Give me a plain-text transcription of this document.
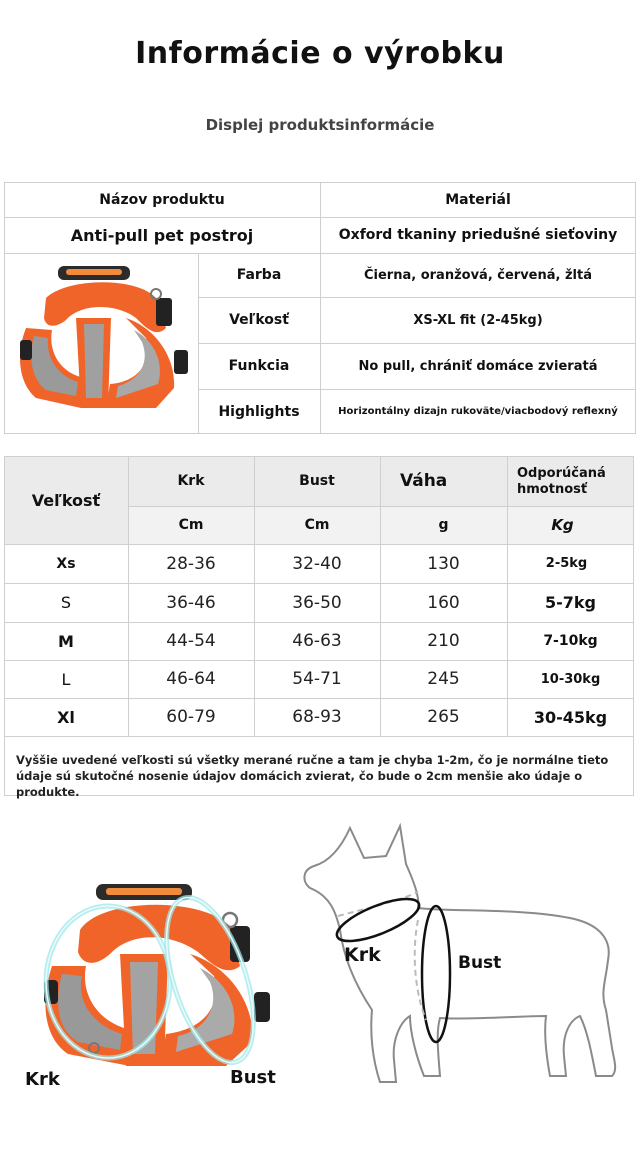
Informácie o výrobku
Displej produktsinformácie
Názov produktu	Materiál
Anti-pull pet postroj	Oxford tkaniny priedušné sieťoviny
Farba	Čierna, oranžová, červená, žltá
Veľkosť	XS-XL fit (2-45kg)
Funkcia	No pull, chrániť domáce zvieratá
Highlights	Horizontálny dizajn rukoväte/viacbodový reflexný
Veľkosť
Krk	Bust	Váha	Odporúčaná hmotnosť
Cm	Cm	g	Kg
Xs	28-36	32-40	130	2-5kg
S	36-46	36-50	160	5-7kg
M	44-54	46-63	210	7-10kg
L	46-64	54-71	245	10-30kg
Xl	60-79	68-93	265	30-45kg
Vyššie uvedené veľkosti sú všetky merané ručne a tam je chyba 1-2m, čo je normálne tieto údaje sú skutočné nosenie údajov domácich zvierat, čo bude o 2cm menšie ako údaje o produkte.
Krk	Bust
Krk	Bust
